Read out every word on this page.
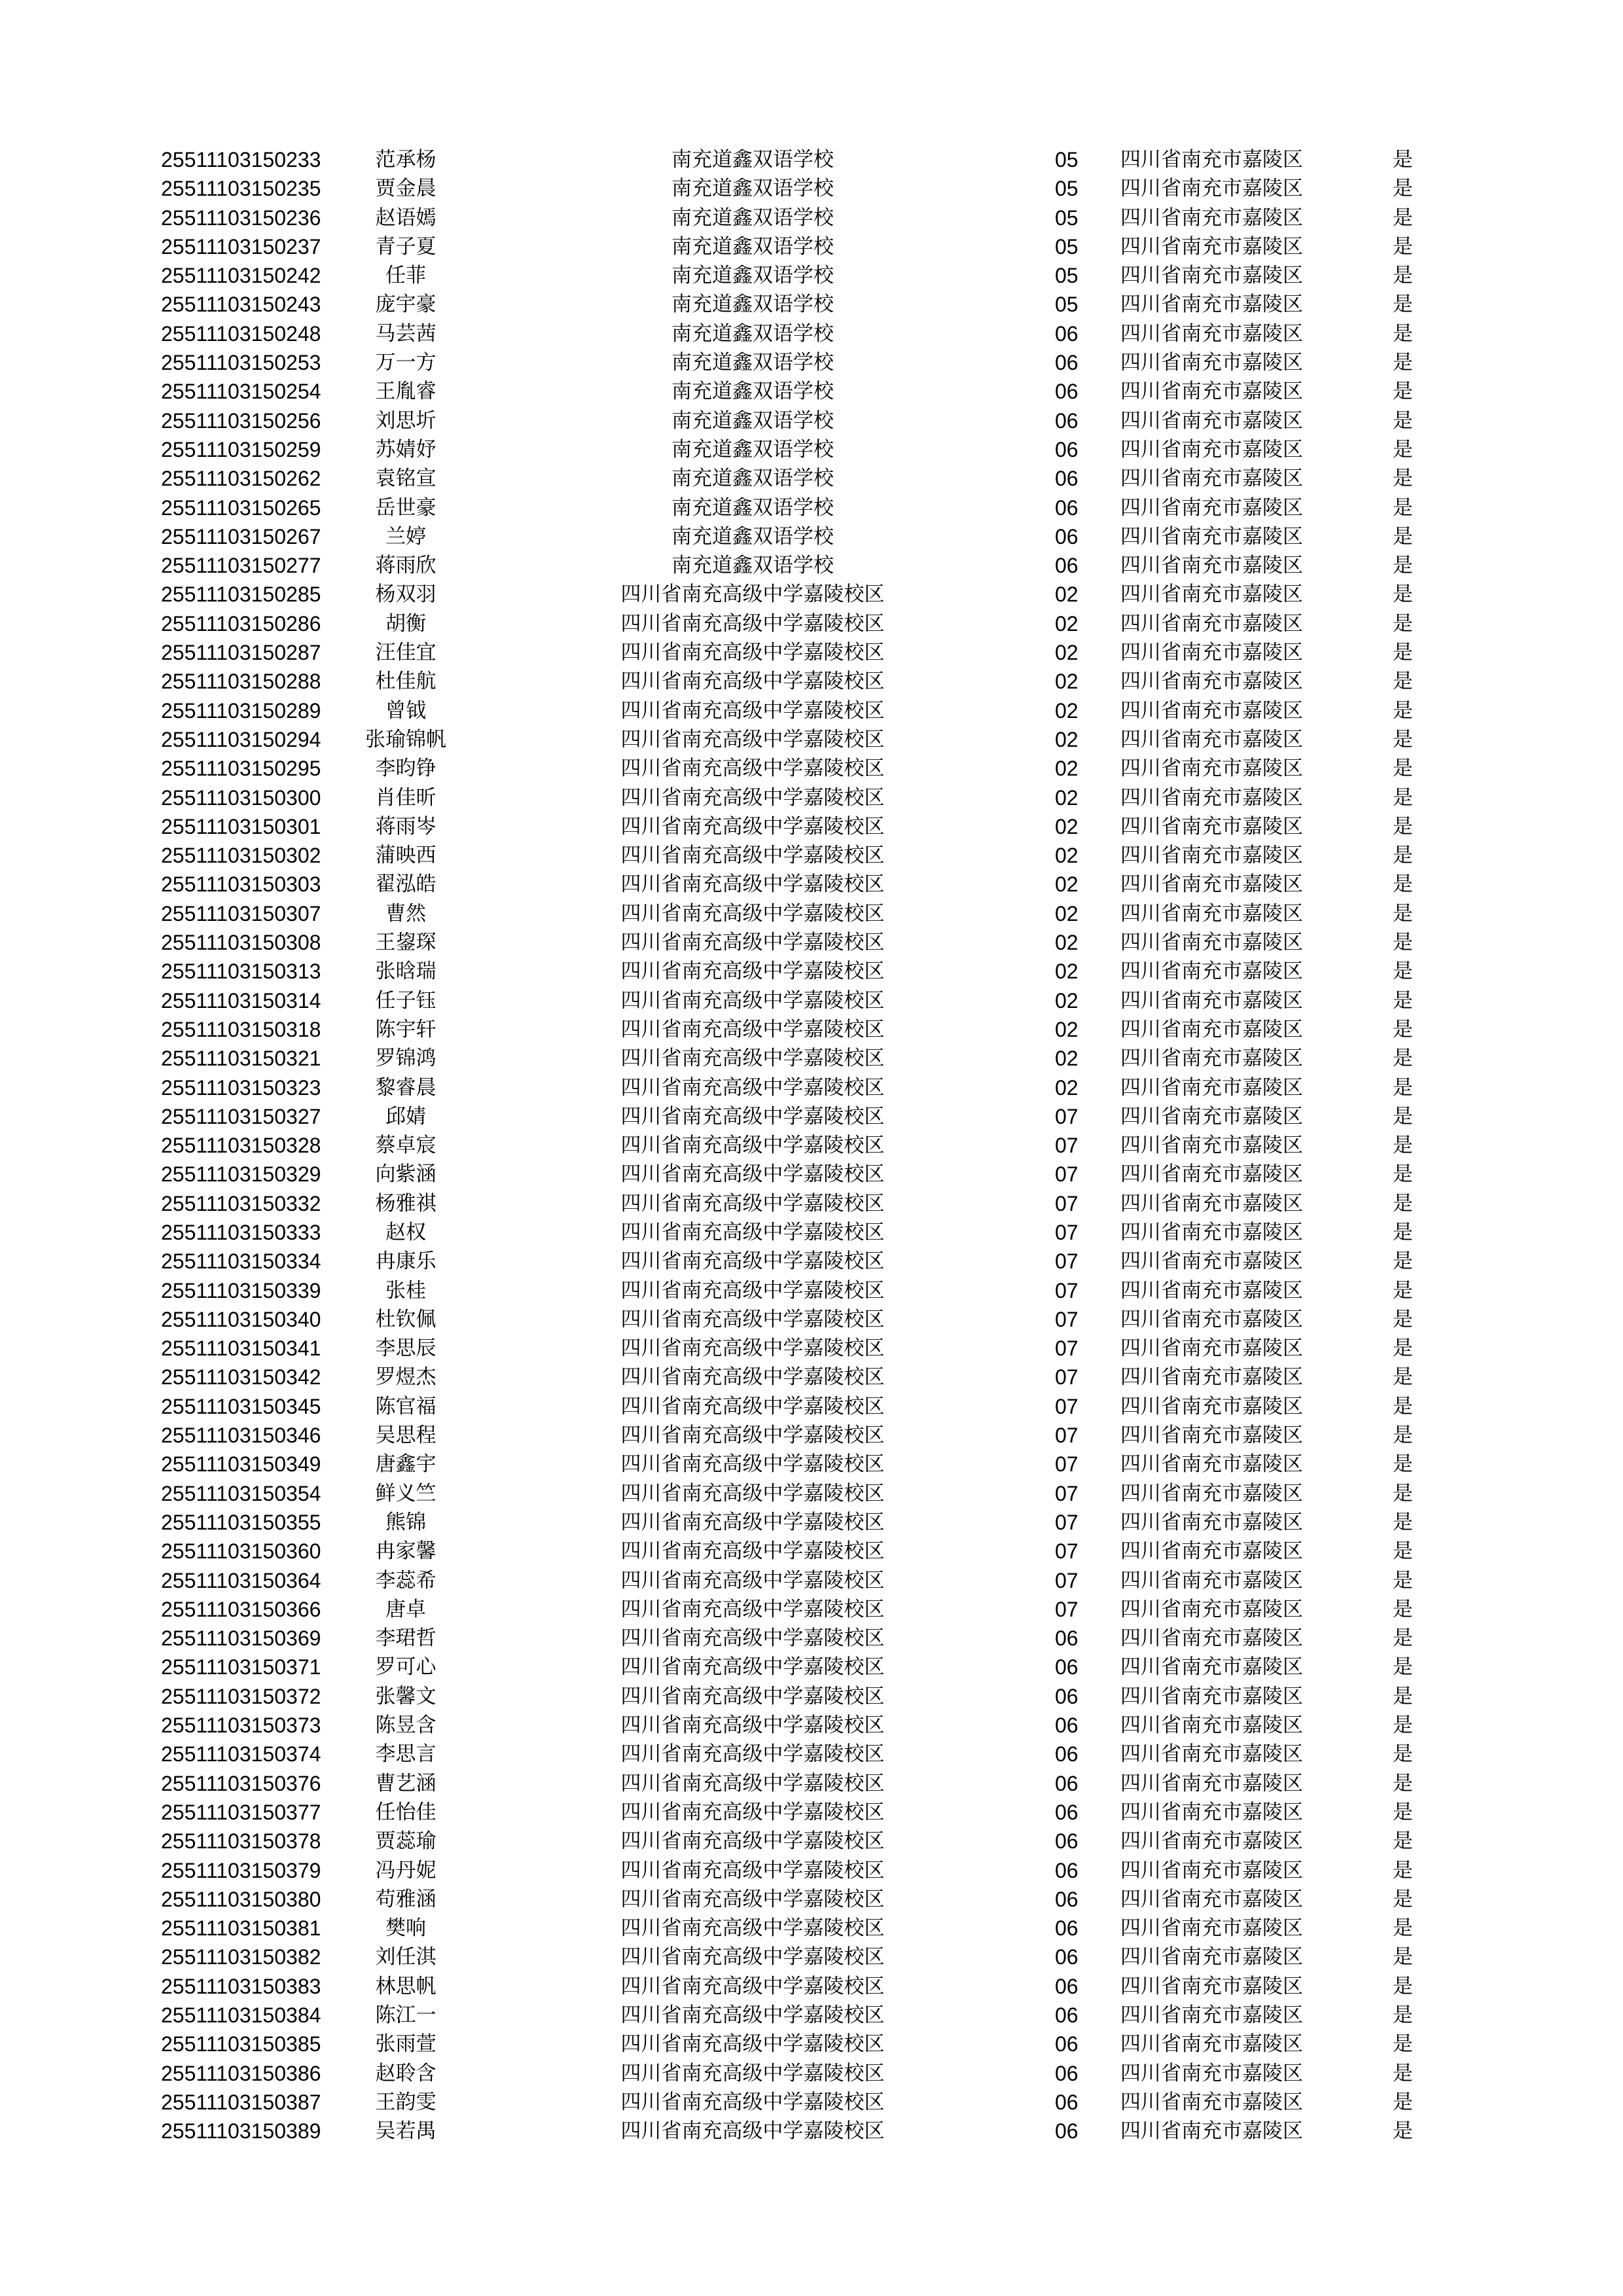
25511103150233	范承杨	南充道鑫双语学校	05 四川省南充市嘉陵区	是
25511103150235	贾金晨	南充道鑫双语学校	05 四川省南充市嘉陵区	是
25511103150236	赵语嫣	南充道鑫双语学校	05 四川省南充市嘉陵区	是
25511103150237	青子夏	南充道鑫双语学校	05 四川省南充市嘉陵区	是
25511103150242	任菲	南充道鑫双语学校	05 四川省南充市嘉陵区	是
25511103150243	庞宇豪	南充道鑫双语学校	05 四川省南充市嘉陵区	是
25511103150248	马芸茜	南充道鑫双语学校	06 四川省南充市嘉陵区	是
25511103150253	万一方	南充道鑫双语学校	06 四川省南充市嘉陵区	是
25511103150254	王胤睿	南充道鑫双语学校	06 四川省南充市嘉陵区	是
25511103150256	刘思圻	南充道鑫双语学校	06 四川省南充市嘉陵区	是
25511103150259	苏婧妤	南充道鑫双语学校	06 四川省南充市嘉陵区	是
25511103150262	袁铭宣	南充道鑫双语学校	06 四川省南充市嘉陵区	是
25511103150265	岳世豪	南充道鑫双语学校	06 四川省南充市嘉陵区	是
25511103150267	兰婷	南充道鑫双语学校	06 四川省南充市嘉陵区	是
25511103150277	蒋雨欣	南充道鑫双语学校	06 四川省南充市嘉陵区	是
25511103150285	杨双羽	四川省南充高级中学嘉陵校区	02 四川省南充市嘉陵区	是
25511103150286	胡衡	四川省南充高级中学嘉陵校区	02 四川省南充市嘉陵区	是
25511103150287	汪佳宜	四川省南充高级中学嘉陵校区	02 四川省南充市嘉陵区	是
25511103150288	杜佳航	四川省南充高级中学嘉陵校区	02 四川省南充市嘉陵区	是
25511103150289	曾钺	四川省南充高级中学嘉陵校区	02 四川省南充市嘉陵区	是
25511103150294	张瑜锦帆	四川省南充高级中学嘉陵校区	02 四川省南充市嘉陵区	是
25511103150295	李昀铮	四川省南充高级中学嘉陵校区	02 四川省南充市嘉陵区	是
25511103150300	肖佳昕	四川省南充高级中学嘉陵校区	02 四川省南充市嘉陵区	是
25511103150301	蒋雨岑	四川省南充高级中学嘉陵校区	02 四川省南充市嘉陵区	是
25511103150302	蒲映西	四川省南充高级中学嘉陵校区	02 四川省南充市嘉陵区	是
25511103150303	翟泓皓	四川省南充高级中学嘉陵校区	02 四川省南充市嘉陵区	是
25511103150307	曹然	四川省南充高级中学嘉陵校区	02 四川省南充市嘉陵区	是
25511103150308	王鋆琛	四川省南充高级中学嘉陵校区	02 四川省南充市嘉陵区	是
25511103150313	张晗瑞	四川省南充高级中学嘉陵校区	02 四川省南充市嘉陵区	是
25511103150314	任子钰	四川省南充高级中学嘉陵校区	02 四川省南充市嘉陵区	是
25511103150318	陈宇轩	四川省南充高级中学嘉陵校区	02 四川省南充市嘉陵区	是
25511103150321	罗锦鸿	四川省南充高级中学嘉陵校区	02 四川省南充市嘉陵区	是
25511103150323	黎睿晨	四川省南充高级中学嘉陵校区	02 四川省南充市嘉陵区	是
25511103150327	邱婧	四川省南充高级中学嘉陵校区	07 四川省南充市嘉陵区	是
25511103150328	蔡卓宸	四川省南充高级中学嘉陵校区	07 四川省南充市嘉陵区	是
25511103150329	向紫涵	四川省南充高级中学嘉陵校区	07 四川省南充市嘉陵区	是
25511103150332	杨雅祺	四川省南充高级中学嘉陵校区	07 四川省南充市嘉陵区	是
25511103150333	赵权	四川省南充高级中学嘉陵校区	07 四川省南充市嘉陵区	是
25511103150334	冉康乐	四川省南充高级中学嘉陵校区	07 四川省南充市嘉陵区	是
25511103150339	张桂	四川省南充高级中学嘉陵校区	07 四川省南充市嘉陵区	是
25511103150340	杜钦佩	四川省南充高级中学嘉陵校区	07 四川省南充市嘉陵区	是
25511103150341	李思辰	四川省南充高级中学嘉陵校区	07 四川省南充市嘉陵区	是
25511103150342	罗煜杰	四川省南充高级中学嘉陵校区	07 四川省南充市嘉陵区	是
25511103150345	陈官福	四川省南充高级中学嘉陵校区	07 四川省南充市嘉陵区	是
25511103150346	吴思程	四川省南充高级中学嘉陵校区	07 四川省南充市嘉陵区	是
25511103150349	唐鑫宇	四川省南充高级中学嘉陵校区	07 四川省南充市嘉陵区	是
25511103150354	鲜义竺	四川省南充高级中学嘉陵校区	07 四川省南充市嘉陵区	是
25511103150355	熊锦	四川省南充高级中学嘉陵校区	07 四川省南充市嘉陵区	是
25511103150360	冉家馨	四川省南充高级中学嘉陵校区	07 四川省南充市嘉陵区	是
25511103150364	李蕊希	四川省南充高级中学嘉陵校区	07 四川省南充市嘉陵区	是
25511103150366	唐卓	四川省南充高级中学嘉陵校区	07 四川省南充市嘉陵区	是
25511103150369	李珺哲	四川省南充高级中学嘉陵校区	06 四川省南充市嘉陵区	是
25511103150371	罗可心	四川省南充高级中学嘉陵校区	06 四川省南充市嘉陵区	是
25511103150372	张馨文	四川省南充高级中学嘉陵校区	06 四川省南充市嘉陵区	是
25511103150373	陈昱含	四川省南充高级中学嘉陵校区	06 四川省南充市嘉陵区	是
25511103150374	李思言	四川省南充高级中学嘉陵校区	06 四川省南充市嘉陵区	是
25511103150376	曹艺涵	四川省南充高级中学嘉陵校区	06 四川省南充市嘉陵区	是
25511103150377	任怡佳	四川省南充高级中学嘉陵校区	06 四川省南充市嘉陵区	是
25511103150378	贾蕊瑜	四川省南充高级中学嘉陵校区	06 四川省南充市嘉陵区	是
25511103150379	冯丹妮	四川省南充高级中学嘉陵校区	06 四川省南充市嘉陵区	是
25511103150380	苟雅涵	四川省南充高级中学嘉陵校区	06 四川省南充市嘉陵区	是
25511103150381	樊响	四川省南充高级中学嘉陵校区	06 四川省南充市嘉陵区	是
25511103150382	刘任淇	四川省南充高级中学嘉陵校区	06 四川省南充市嘉陵区	是
25511103150383	林思帆	四川省南充高级中学嘉陵校区	06 四川省南充市嘉陵区	是
25511103150384	陈江一	四川省南充高级中学嘉陵校区	06 四川省南充市嘉陵区	是
25511103150385	张雨萱	四川省南充高级中学嘉陵校区	06 四川省南充市嘉陵区	是
25511103150386	赵聆含	四川省南充高级中学嘉陵校区	06 四川省南充市嘉陵区	是
25511103150387	王韵雯	四川省南充高级中学嘉陵校区	06 四川省南充市嘉陵区	是
25511103150389	吴若禺	四川省南充高级中学嘉陵校区	06 四川省南充市嘉陵区	是
